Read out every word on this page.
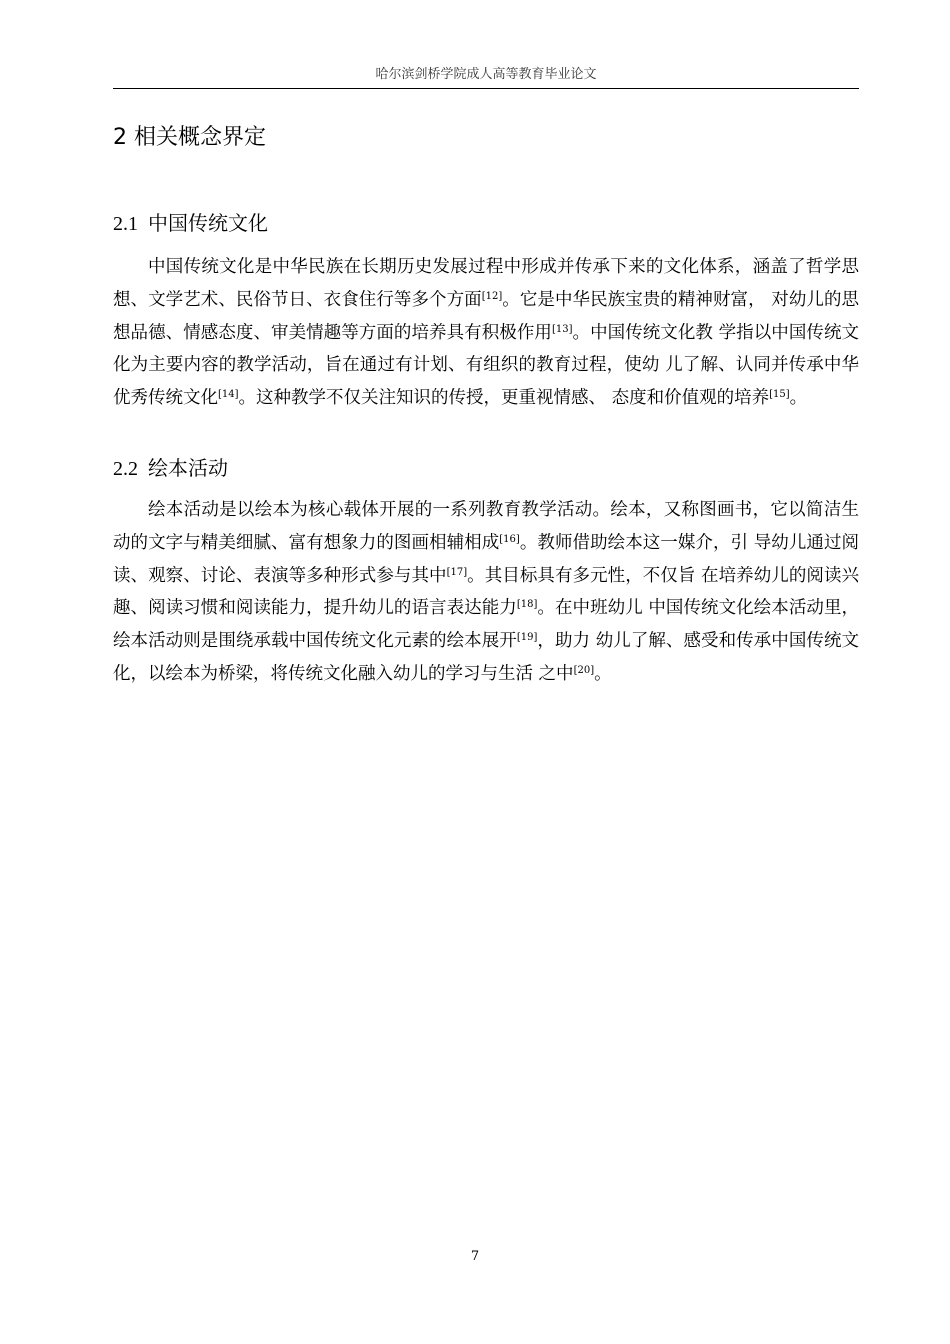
哈尔滨剑桥学院成人高等教育毕业论文
2 相关概念界定
2.1 中国传统文化

中国传统文化是中华民族在长期历史发展过程中形成并传承下来的文化体系，涵盖了哲学思想、文学艺术、民俗节日、衣食住行等多个方面[12]。它是中华民族宝贵的精神财富， 对幼儿的思想品德、情感态度、审美情趣等方面的培养具有积极作用[13]。中国传统文化教 学指以中国传统文化为主要内容的教学活动，旨在通过有计划、有组织的教育过程，使幼 儿了解、认同并传承中华优秀传统文化[14]。这种教学不仅关注知识的传授，更重视情感、 态度和价值观的培养[15]。

2.2 绘本活动

绘本活动是以绘本为核心载体开展的一系列教育教学活动。绘本，又称图画书，它以简洁生动的文字与精美细腻、富有想象力的图画相辅相成[16]。教师借助绘本这一媒介，引 导幼儿通过阅读、观察、讨论、表演等多种形式参与其中[17]。其目标具有多元性，不仅旨 在培养幼儿的阅读兴趣、阅读习惯和阅读能力，提升幼儿的语言表达能力[18]。在中班幼儿 中国传统文化绘本活动里，绘本活动则是围绕承载中国传统文化元素的绘本展开[19]，助力 幼儿了解、感受和传承中国传统文化，以绘本为桥梁，将传统文化融入幼儿的学习与生活 之中[20]。

7
